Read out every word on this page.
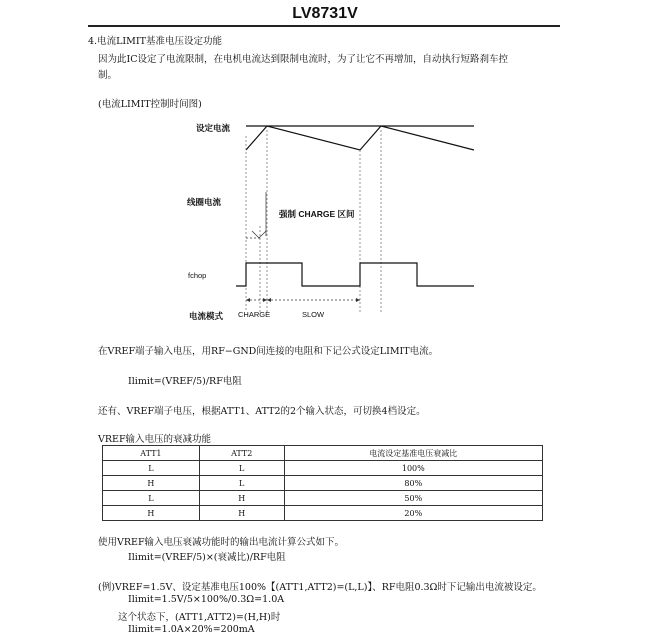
LV8731V
4.电流LIMIT基准电压设定功能
因为此IC设定了电流限制，在电机电流达到限制电流时，为了让它不再增加，自动执行短路刹车控
制。
(电流LIMIT控制时间图)
设定电流
线圈电流
强制 CHARGE 区间
fchop
电流模式 CHARGE	SLOW
在VREF端子输入电压，用RF−GND间连接的电阻和下记公式设定LIMIT电流。
Ilimit=(VREF/5)/RF电阻
还有、VREF端子电压，根据ATT1、ATT2的2个输入状态，可切换4档设定。
VREF输入电压的衰减功能
ATT1	ATT2	电流设定基准电压衰减比
L	L	100%
H	L	80%
L	H	50%
H	H	20%
使用VREF输入电压衰减功能时的输出电流计算公式如下。
Ilimit=(VREF/5)×(衰减比)/RF电阻
(例)VREF=1.5V、设定基准电压100%【(ATT1,ATT2)=(L,L)】、RF电阻0.3Ω时下记输出电流被设定。
Ilimit=1.5V/5×100%/0.3Ω=1.0A
这个状态下，(ATT1,ATT2)=(H,H)时
Ilimit=1.0A×20%=200mA
